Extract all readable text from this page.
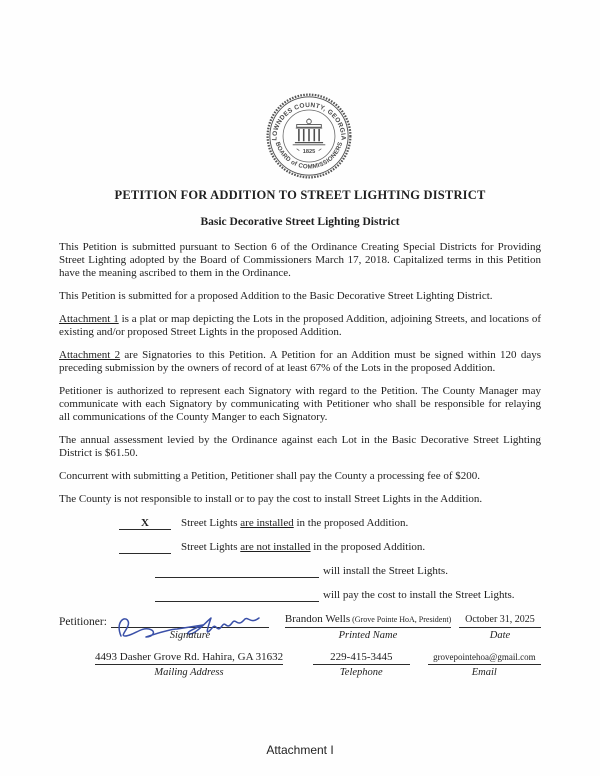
LOWNDES COUNTY, GEORGIA
BOARD of COMMISSIONERS
1825
PETITION FOR ADDITION TO STREET LIGHTING DISTRICT
Basic Decorative Street Lighting District

This Petition is submitted pursuant to Section 6 of the Ordinance Creating Special Districts for Providing Street Lighting adopted by the Board of Commissioners March 17, 2018. Capitalized terms in this Petition have the meaning ascribed to them in the Ordinance.

This Petition is submitted for a proposed Addition to the Basic Decorative Street Lighting District.

Attachment 1 is a plat or map depicting the Lots in the proposed Addition, adjoining Streets, and locations of existing and/or proposed Street Lights in the proposed Addition.

Attachment 2 are Signatories to this Petition. A Petition for an Addition must be signed within 120 days preceding submission by the owners of record of at least 67% of the Lots in the proposed Addition.

Petitioner is authorized to represent each Signatory with regard to the Petition. The County Manager may communicate with each Signatory by communicating with Petitioner who shall be responsible for relaying all communications of the County Manger to each Signatory.

The annual assessment levied by the Ordinance against each Lot in the Basic Decorative Street Lighting District is $61.50.

Concurrent with submitting a Petition, Petitioner shall pay the County a processing fee of $200.

The County is not responsible to install or to pay the cost to install Street Lights in the Addition.

X	Street Lights are installed in the proposed Addition.
Street Lights are not installed in the proposed Addition.
will install the Street Lights.
will pay the cost to install the Street Lights.
Petitioner:
Signature
Brandon Wells (Grove Pointe HoA, President)
Printed Name
October 31, 2025
Date
4493 Dasher Grove Rd. Hahira, GA 31632
Mailing Address
229-415-3445
Telephone
grovepointehoa@gmail.com
Email
Attachment I
